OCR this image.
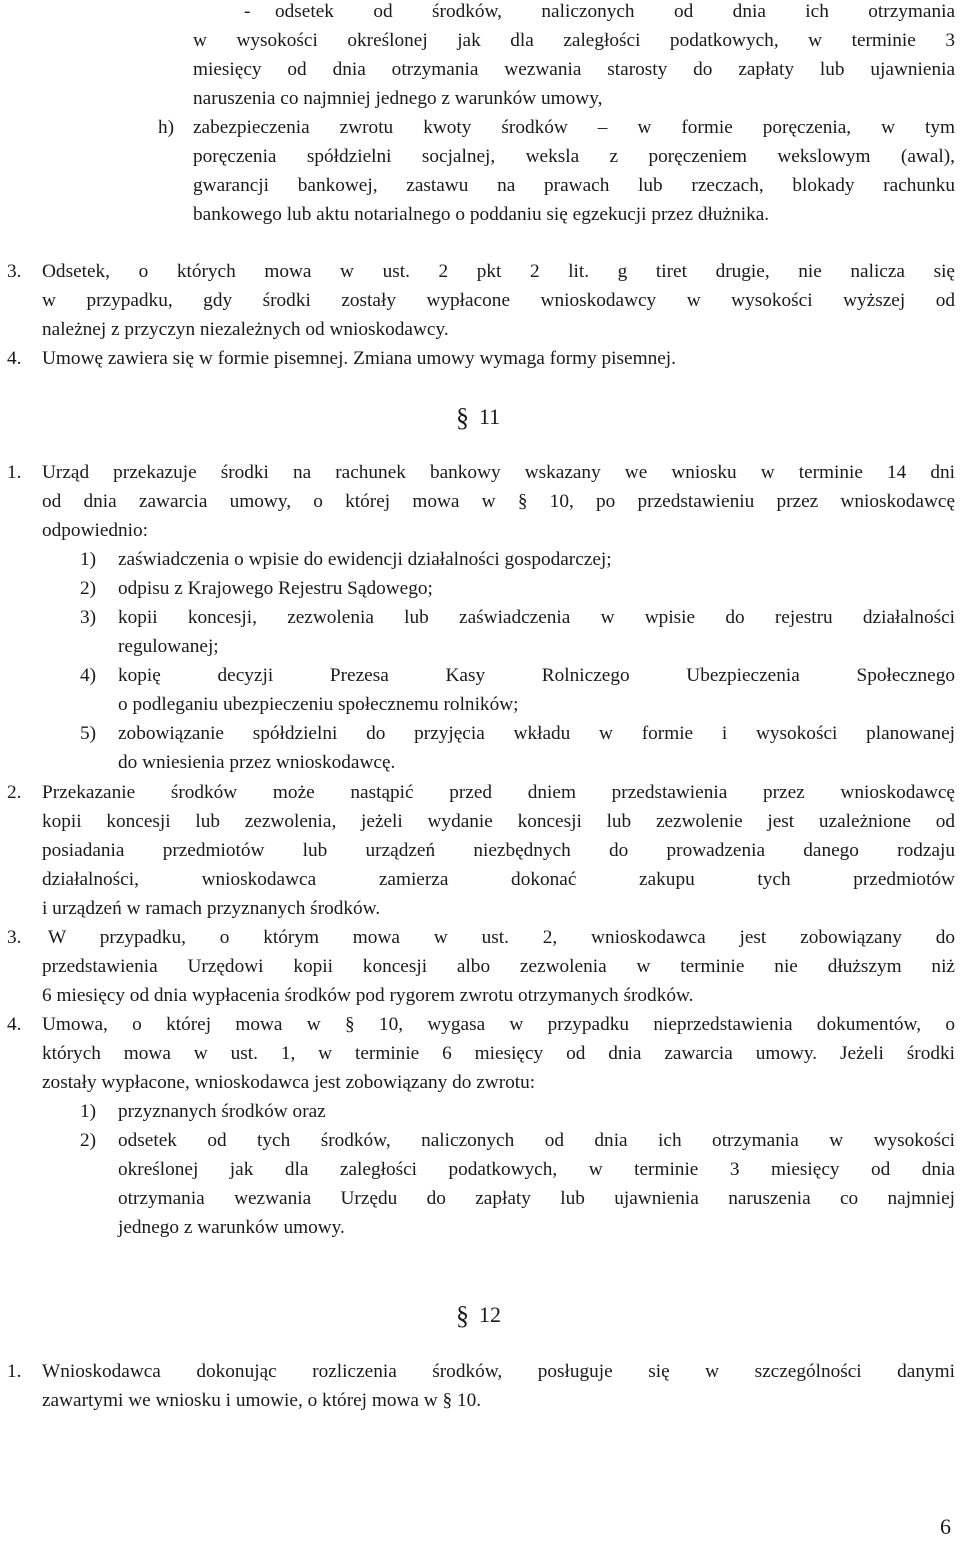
- odsetek od środków, naliczonych od dnia ich otrzymania
w wysokości określonej jak dla zaległości podatkowych, w terminie 3
miesięcy od dnia otrzymania wezwania starosty do zapłaty lub ujawnienia
naruszenia co najmniej jednego z warunków umowy,
h) zabezpieczenia zwrotu kwoty środków – w formie poręczenia, w tym
poręczenia spółdzielni socjalnej, weksla z poręczeniem wekslowym (awal),
gwarancji bankowej, zastawu na prawach lub rzeczach, blokady rachunku
bankowego lub aktu notarialnego o poddaniu się egzekucji przez dłużnika.
3. Odsetek, o których mowa w ust. 2 pkt 2 lit. g tiret drugie, nie nalicza się
w przypadku, gdy środki zostały wypłacone wnioskodawcy w wysokości wyższej od
należnej z przyczyn niezależnych od wnioskodawcy.
4. Umowę zawiera się w formie pisemnej. Zmiana umowy wymaga formy pisemnej.
§ 11
1. Urząd przekazuje środki na rachunek bankowy wskazany we wniosku w terminie 14 dni
od dnia zawarcia umowy, o której mowa w § 10, po przedstawieniu przez wnioskodawcę
odpowiednio:
1) zaświadczenia o wpisie do ewidencji działalności gospodarczej;
2) odpisu z Krajowego Rejestru Sądowego;
3) kopii koncesji, zezwolenia lub zaświadczenia w wpisie do rejestru działalności
regulowanej;
4) kopię decyzji Prezesa Kasy Rolniczego Ubezpieczenia Społecznego
o podleganiu ubezpieczeniu społecznemu rolników;
5) zobowiązanie spółdzielni do przyjęcia wkładu w formie i wysokości planowanej
do wniesienia przez wnioskodawcę.
2. Przekazanie środków może nastąpić przed dniem przedstawienia przez wnioskodawcę
kopii koncesji lub zezwolenia, jeżeli wydanie koncesji lub zezwolenie jest uzależnione od
posiadania przedmiotów lub urządzeń niezbędnych do prowadzenia danego rodzaju
działalności, wnioskodawca zamierza dokonać zakupu tych przedmiotów
i urządzeń w ramach przyznanych środków.
3. W przypadku, o którym mowa w ust. 2, wnioskodawca jest zobowiązany do
przedstawienia Urzędowi kopii koncesji albo zezwolenia w terminie nie dłuższym niż
6 miesięcy od dnia wypłacenia środków pod rygorem zwrotu otrzymanych środków.
4. Umowa, o której mowa w § 10, wygasa w przypadku nieprzedstawienia dokumentów, o
których mowa w ust. 1, w terminie 6 miesięcy od dnia zawarcia umowy. Jeżeli środki
zostały wypłacone, wnioskodawca jest zobowiązany do zwrotu:
1) przyznanych środków oraz
2) odsetek od tych środków, naliczonych od dnia ich otrzymania w wysokości
określonej jak dla zaległości podatkowych, w terminie 3 miesięcy od dnia
otrzymania wezwania Urzędu do zapłaty lub ujawnienia naruszenia co najmniej
jednego z warunków umowy.
§ 12
1. Wnioskodawca dokonując rozliczenia środków, posługuje się w szczególności danymi
zawartymi we wniosku i umowie, o której mowa w § 10.
6
